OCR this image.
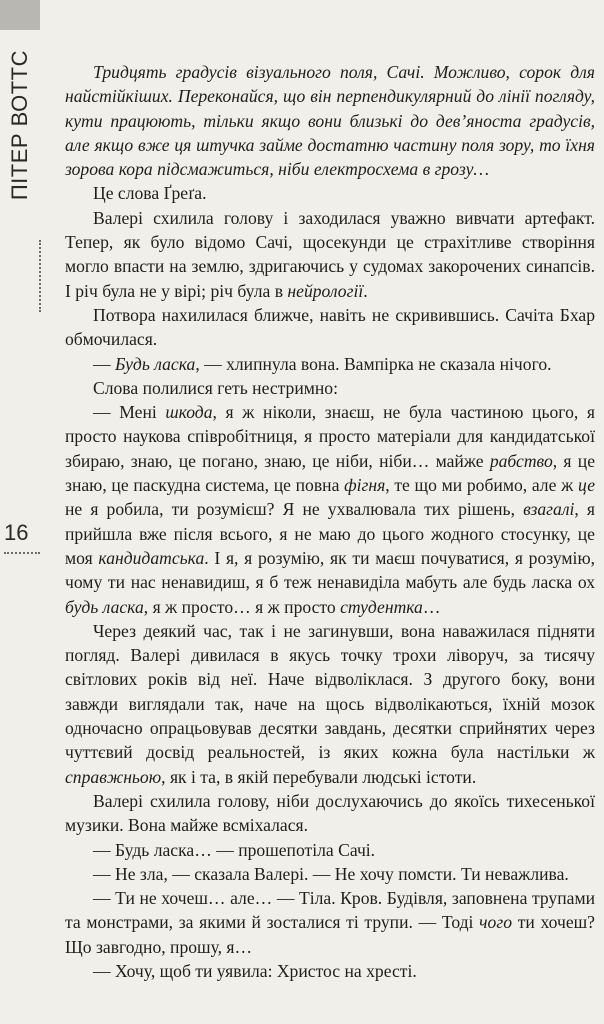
ПІТЕР ВОТТС
16

Тридцять градусів візуального поля, Сачі. Можливо, сорок для найстійкіших. Переконайся, що він перпендикулярний до лінії погляду, кути працюють, тільки якщо вони близькі до дев’яноста градусів, але якщо вже ця штучка займе достатню частину поля зору, то їхня зорова кора підсмажиться, ніби електросхема в грозу…

Це слова Ґреґа.

Валері схилила голову і заходилася уважно вивчати артефакт. Тепер, як було відомо Сачі, щосекунди це страхітливе створіння могло впасти на землю, здригаючись у судомах закорочених синапсів. І річ була не у вірі; річ була в нейрології.

Потвора нахилилася ближче, навіть не скривившись. Сачіта Бхар обмочилася.

— Будь ласка, — хлипнула вона. Вампірка не сказала нічого.

Слова полилися геть нестримно:

— Мені шкода, я ж ніколи, знаєш, не була частиною цього, я просто наукова співробітниця, я просто матеріали для кандидатської збираю, знаю, це погано, знаю, це ніби, ніби… майже рабство, я це знаю, це паскудна система, це повна фігня, те що ми робимо, але ж це не я робила, ти розумієш? Я не ухвалювала тих рішень, взагалі, я прийшла вже після всього, я не маю до цього жодного стосунку, це моя кандидатська. І я, я розумію, як ти маєш почуватися, я розумію, чому ти нас ненавидиш, я б теж ненавиділа мабуть але будь ласка ох будь ласка, я ж просто… я ж просто студентка…

Через деякий час, так і не загинувши, вона наважилася підняти погляд. Валері дивилася в якусь точку трохи ліворуч, за тисячу світлових років від неї. Наче відволіклася. З другого боку, вони завжди виглядали так, наче на щось відволікаються, їхній мозок одночасно опрацьовував десятки завдань, десятки сприйнятих через чуттєвий досвід реальностей, із яких кожна була настільки ж справжньою, як і та, в якій перебували людські істоти.

Валері схилила голову, ніби дослухаючись до якоїсь тихесенької музики. Вона майже всміхалася.

— Будь ласка… — прошепотіла Сачі.

— Не зла, — сказала Валері. — Не хочу помсти. Ти неважлива.

— Ти не хочеш… але… — Тіла. Кров. Будівля, заповнена трупами та монстрами, за якими й зосталися ті трупи. — Тоді чого ти хочеш? Що завгодно, прошу, я…

— Хочу, щоб ти уявила: Христос на хресті.
